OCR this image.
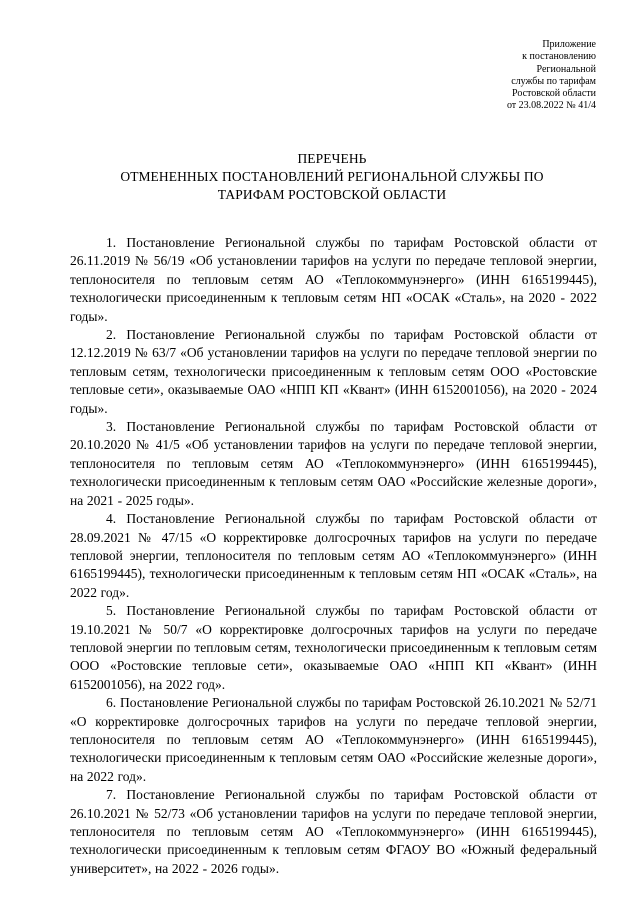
Приложение
к постановлению
Региональной
службы по тарифам
Ростовской области
от 23.08.2022 № 41/4
ПЕРЕЧЕНЬ
ОТМЕНЕННЫХ ПОСТАНОВЛЕНИЙ РЕГИОНАЛЬНОЙ СЛУЖБЫ ПО
ТАРИФАМ РОСТОВСКОЙ ОБЛАСТИ

1. Постановление Региональной службы по тарифам Ростовской области от 26.11.2019 № 56/19 «Об установлении тарифов на услуги по передаче тепловой энергии, теплоносителя по тепловым сетям АО «Теплокоммунэнерго» (ИНН 6165199445), технологически присоединенным к тепловым сетям НП «ОСАК «Сталь», на 2020 - 2022 годы».

2. Постановление Региональной службы по тарифам Ростовской области от 12.12.2019 № 63/7 «Об установлении тарифов на услуги по передаче тепловой энергии по тепловым сетям, технологически присоединенным к тепловым сетям ООО «Ростовские тепловые сети», оказываемые ОАО «НПП КП «Квант» (ИНН 6152001056), на 2020 - 2024 годы».

3. Постановление Региональной службы по тарифам Ростовской области от 20.10.2020 № 41/5 «Об установлении тарифов на услуги по передаче тепловой энергии, теплоносителя по тепловым сетям АО «Теплокоммунэнерго» (ИНН 6165199445), технологически присоединенным к тепловым сетям ОАО «Российские железные дороги», на 2021 - 2025 годы».

4. Постановление Региональной службы по тарифам Ростовской области от 28.09.2021 № 47/15 «О корректировке долгосрочных тарифов на услуги по передаче тепловой энергии, теплоносителя по тепловым сетям АО «Теплокоммунэнерго» (ИНН 6165199445), технологически присоединенным к тепловым сетям НП «ОСАК «Сталь», на 2022 год».

5. Постановление Региональной службы по тарифам Ростовской области от 19.10.2021 № 50/7 «О корректировке долгосрочных тарифов на услуги по передаче тепловой энергии по тепловым сетям, технологически присоединенным к тепловым сетям ООО «Ростовские тепловые сети», оказываемые ОАО «НПП КП «Квант» (ИНН 6152001056), на 2022 год».

6. Постановление Региональной службы по тарифам Ростовской 26.10.2021 № 52/71 «О корректировке долгосрочных тарифов на услуги по передаче тепловой энергии, теплоносителя по тепловым сетям АО «Теплокоммунэнерго» (ИНН 6165199445), технологически присоединенным к тепловым сетям ОАО «Российские железные дороги», на 2022 год».

7. Постановление Региональной службы по тарифам Ростовской области от 26.10.2021 № 52/73 «Об установлении тарифов на услуги по передаче тепловой энергии, теплоносителя по тепловым сетям АО «Теплокоммунэнерго» (ИНН 6165199445), технологически присоединенным к тепловым сетям ФГАОУ ВО «Южный федеральный университет», на 2022 - 2026 годы».
